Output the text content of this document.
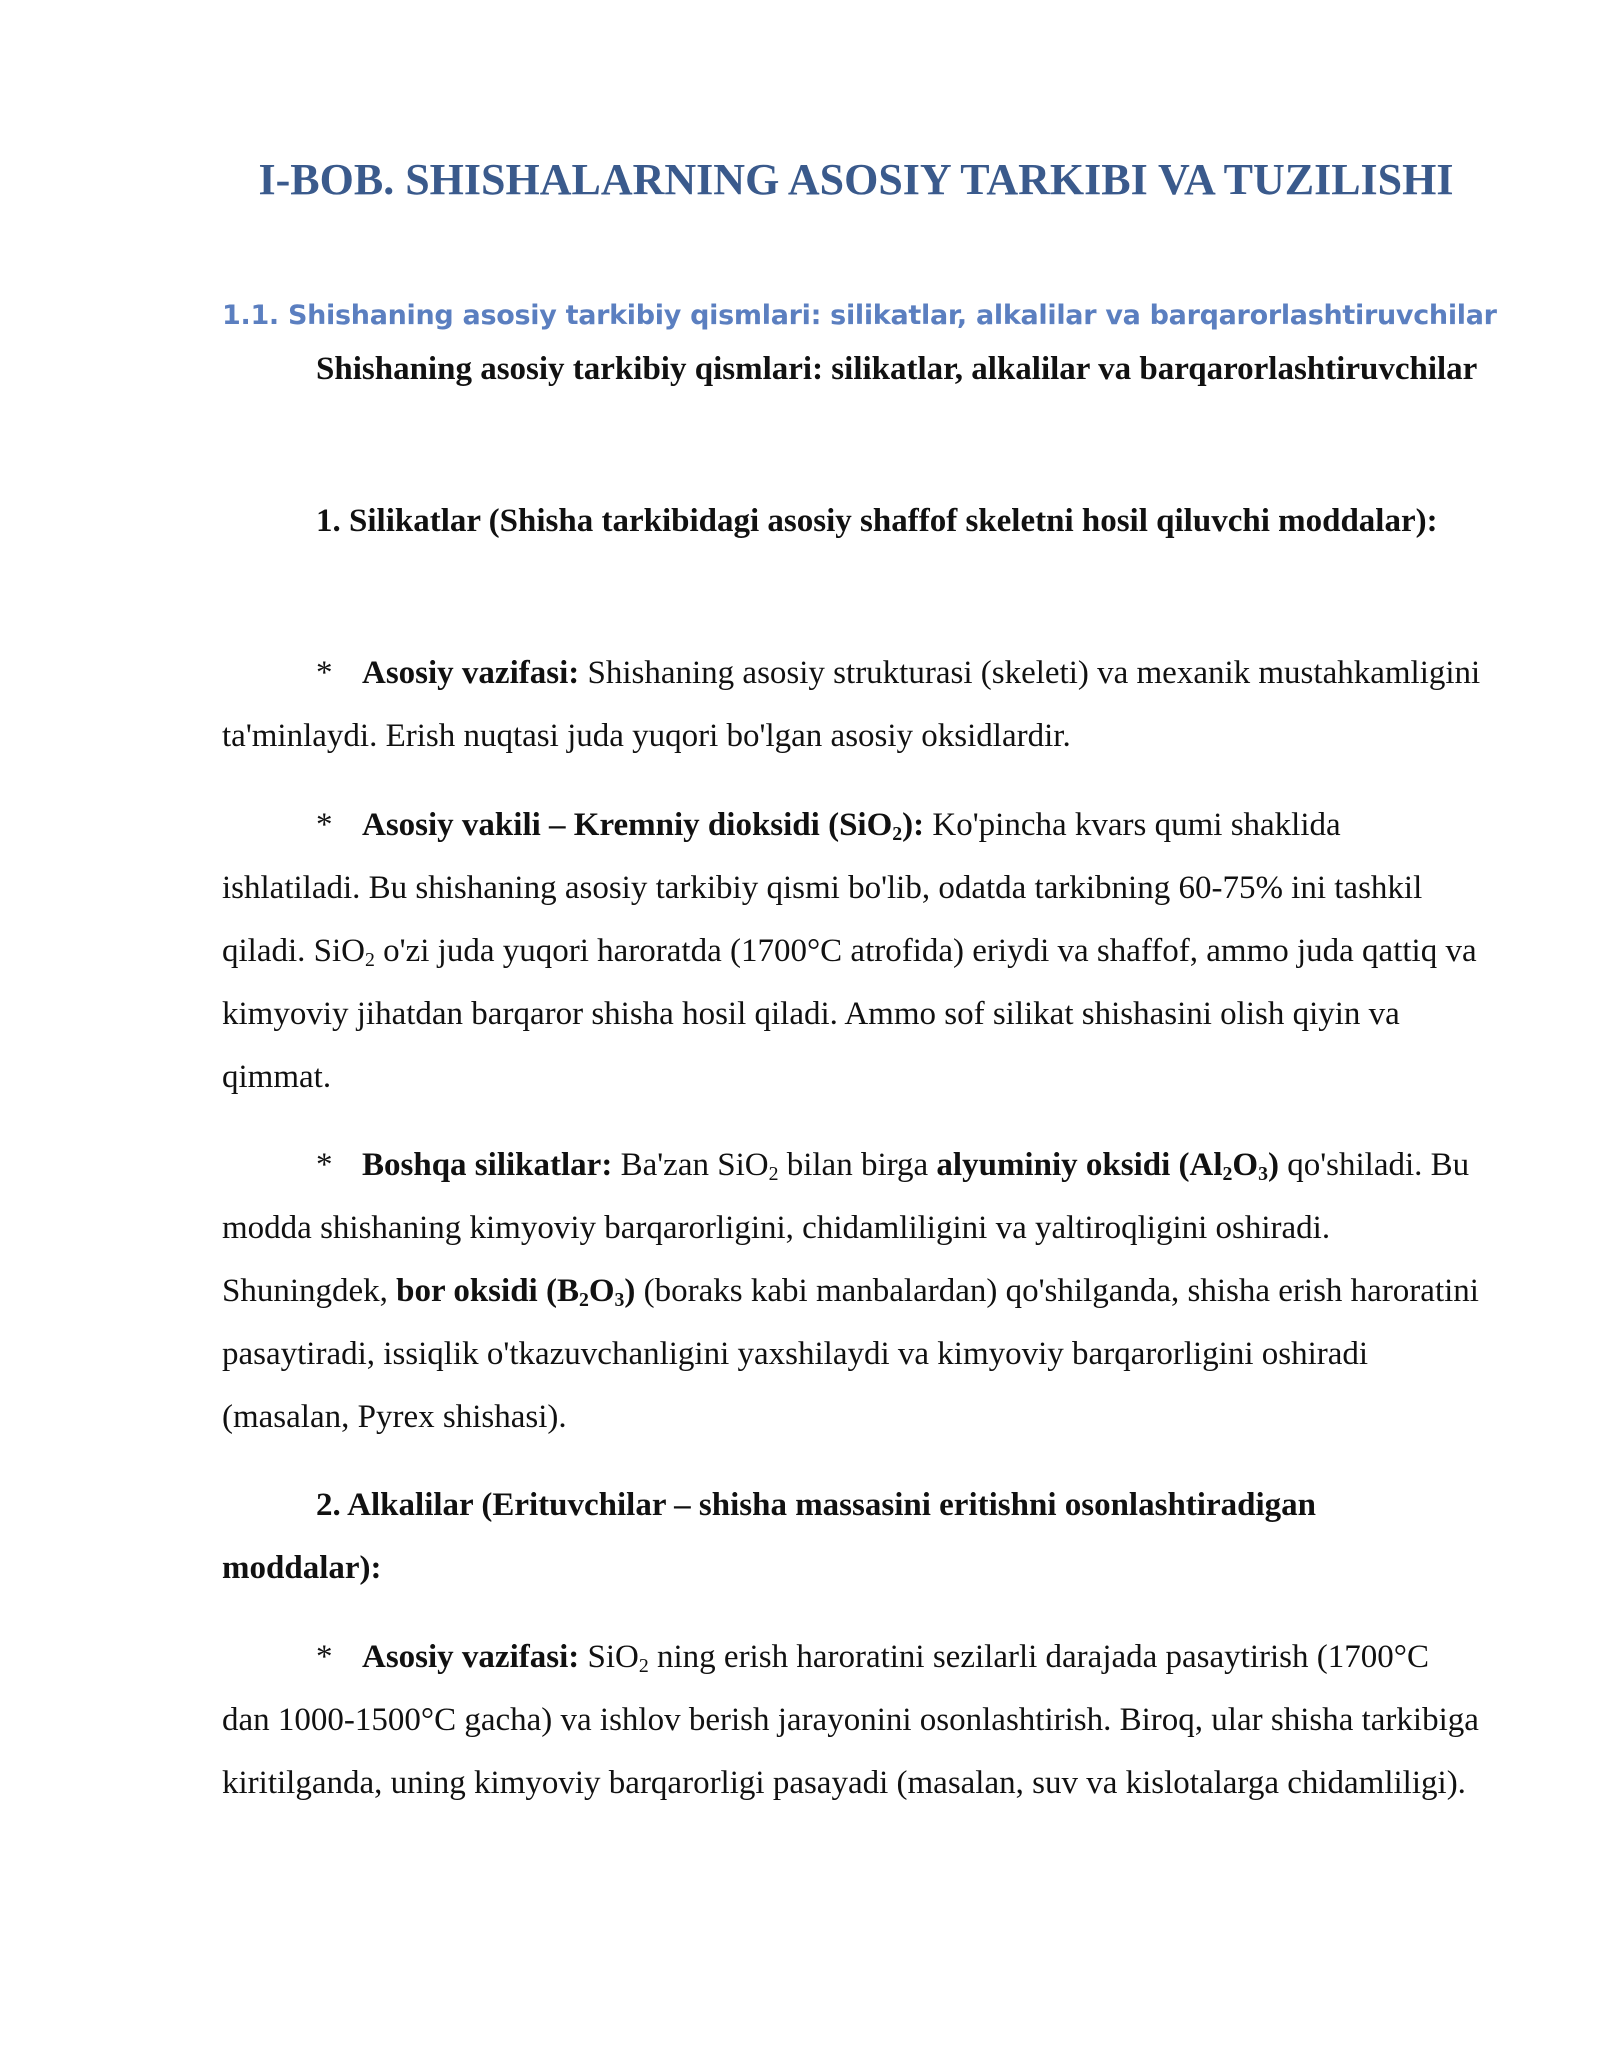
I-BOB. SHISHALARNING ASOSIY TARKIBI VA TUZILISHI
1.1. Shishaning asosiy tarkibiy qismlari: silikatlar, alkalilar va barqarorlashtiruvchilar
Shishaning asosiy tarkibiy qismlari: silikatlar, alkalilar va barqarorlashtiruvchilar
1. Silikatlar (Shisha tarkibidagi asosiy shaffof skeletni hosil qiluvchi moddalar):
* Asosiy vazifasi: Shishaning asosiy strukturasi (skeleti) va mexanik mustahkamligini ta'minlaydi. Erish nuqtasi juda yuqori bo'lgan asosiy oksidlardir.
* Asosiy vakili – Kremniy dioksidi (SiO$_2$): Ko'pincha kvars qumi shaklida ishlatiladi. Bu shishaning asosiy tarkibiy qismi bo'lib, odatda tarkibning 60-75% ini tashkil qiladi. SiO$_2$ o'zi juda yuqori haroratda (1700°C atrofida) eriydi va shaffof, ammo juda qattiq va kimyoviy jihatdan barqaror shisha hosil qiladi. Ammo sof silikat shishasini olish qiyin va qimmat.
* Boshqa silikatlar: Ba'zan SiO$_2$ bilan birga alyuminiy oksidi $(Al_2O_3)$ qo'shiladi. Bu modda shishaning kimyoviy barqarorligini, chidamliligini va yaltiroqligini oshiradi. Shuningdek, bor oksidi $(B_2O_3)$ (boraks kabi manbalardan) qo'shilganda, shisha erish haroratini pasaytiradi, issiqlik o'tkazuvchanligini yaxshilaydi va kimyoviy barqarorligini oshiradi (masalan, Pyrex shishasi).
2. Alkalilar (Erituvchilar – shisha massasini eritishni osonlashtiradigan moddalar):
* Asosiy vazifasi: SiO$_2$ ning erish haroratini sezilarli darajada pasaytirish (1700°C dan 1000-1500°C gacha) va ishlov berish jarayonini osonlashtirish. Biroq, ular shisha tarkibiga kiritilganda, uning kimyoviy barqarorligi pasayadi (masalan, suv va kislotalarga chidamliligi).
